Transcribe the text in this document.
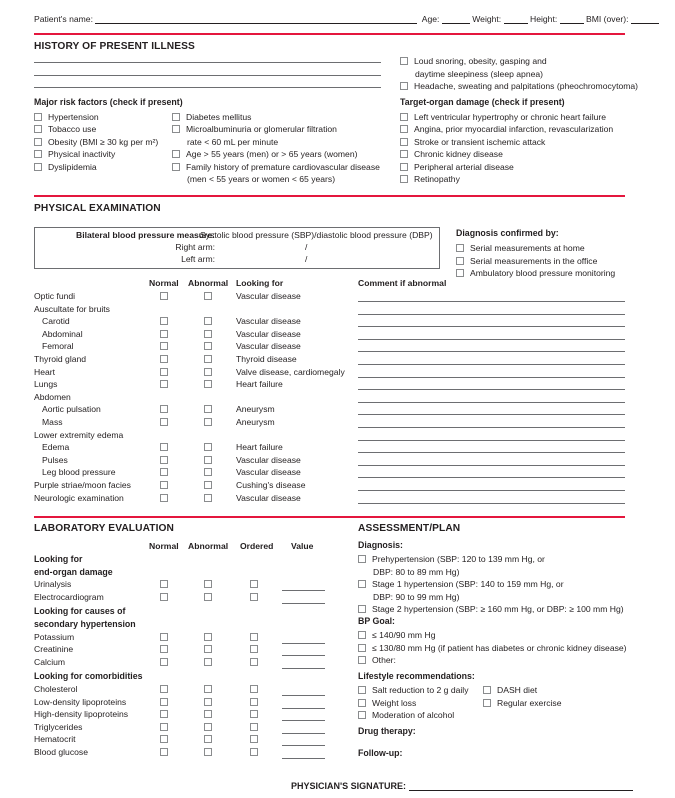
Patient's name:	Age:	Weight:	Height:	BMI (over):
HISTORY OF PRESENT ILLNESS
Loud snoring, obesity, gasping and
daytime sleepiness (sleep apnea)
Headache, sweating and palpitations (pheochromocytoma)
Major risk factors (check if present)
Hypertension
Tobacco use
Obesity (BMI ≥ 30 kg per m²)
Physical inactivity
Dyslipidemia
Diabetes mellitus
Microalbuminuria or glomerular filtration
rate < 60 mL per minute
Age > 55 years (men) or > 65 years (women)
Family history of premature cardiovascular disease
(men < 55 years or women < 65 years)
Target-organ damage (check if present)
Left ventricular hypertrophy or chronic heart failure
Angina, prior myocardial infarction, revascularization
Stroke or transient ischemic attack
Chronic kidney disease
Peripheral arterial disease
Retinopathy
PHYSICAL EXAMINATION
Bilateral blood pressure measure:
Systolic blood pressure (SBP)/diastolic blood pressure (DBP)
Right arm:	/
Left arm:	/
Diagnosis confirmed by:
Serial measurements at home
Serial measurements in the office
Ambulatory blood pressure monitoring
Normal Abnormal Looking for	Comment if abnormal
Optic fundi	Vascular disease
Auscultate for bruits
Carotid	Vascular disease
Abdominal	Vascular disease
Femoral	Vascular disease
Thyroid gland	Thyroid disease
Heart	Valve disease, cardiomegaly
Lungs	Heart failure
Abdomen
Aortic pulsation	Aneurysm
Mass	Aneurysm
Lower extremity edema
Edema	Heart failure
Pulses	Vascular disease
Leg blood pressure	Vascular disease
Purple striae/moon facies	Cushing's disease
Neurologic examination	Vascular disease
LABORATORY EVALUATION
Normal Abnormal Ordered Value
Looking for
end-organ damage
Urinalysis
Electrocardiogram
Looking for causes of
secondary hypertension
Potassium
Creatinine
Calcium
Looking for comorbidities
Cholesterol
Low-density lipoproteins
High-density lipoproteins
Triglycerides
Hematocrit
Blood glucose
ASSESSMENT/PLAN
Diagnosis:
Prehypertension (SBP: 120 to 139 mm Hg, or
DBP: 80 to 89 mm Hg)
Stage 1 hypertension (SBP: 140 to 159 mm Hg, or
DBP: 90 to 99 mm Hg)
Stage 2 hypertension (SBP: ≥ 160 mm Hg, or DBP: ≥ 100 mm Hg)
BP Goal:
≤ 140/90 mm Hg
≤ 130/80 mm Hg (if patient has diabetes or chronic kidney disease)
Other:
Lifestyle recommendations:
Salt reduction to 2 g daily
Weight loss
Moderation of alcohol
DASH diet
Regular exercise
Drug therapy:
Follow-up:
PHYSICIAN'S SIGNATURE:
